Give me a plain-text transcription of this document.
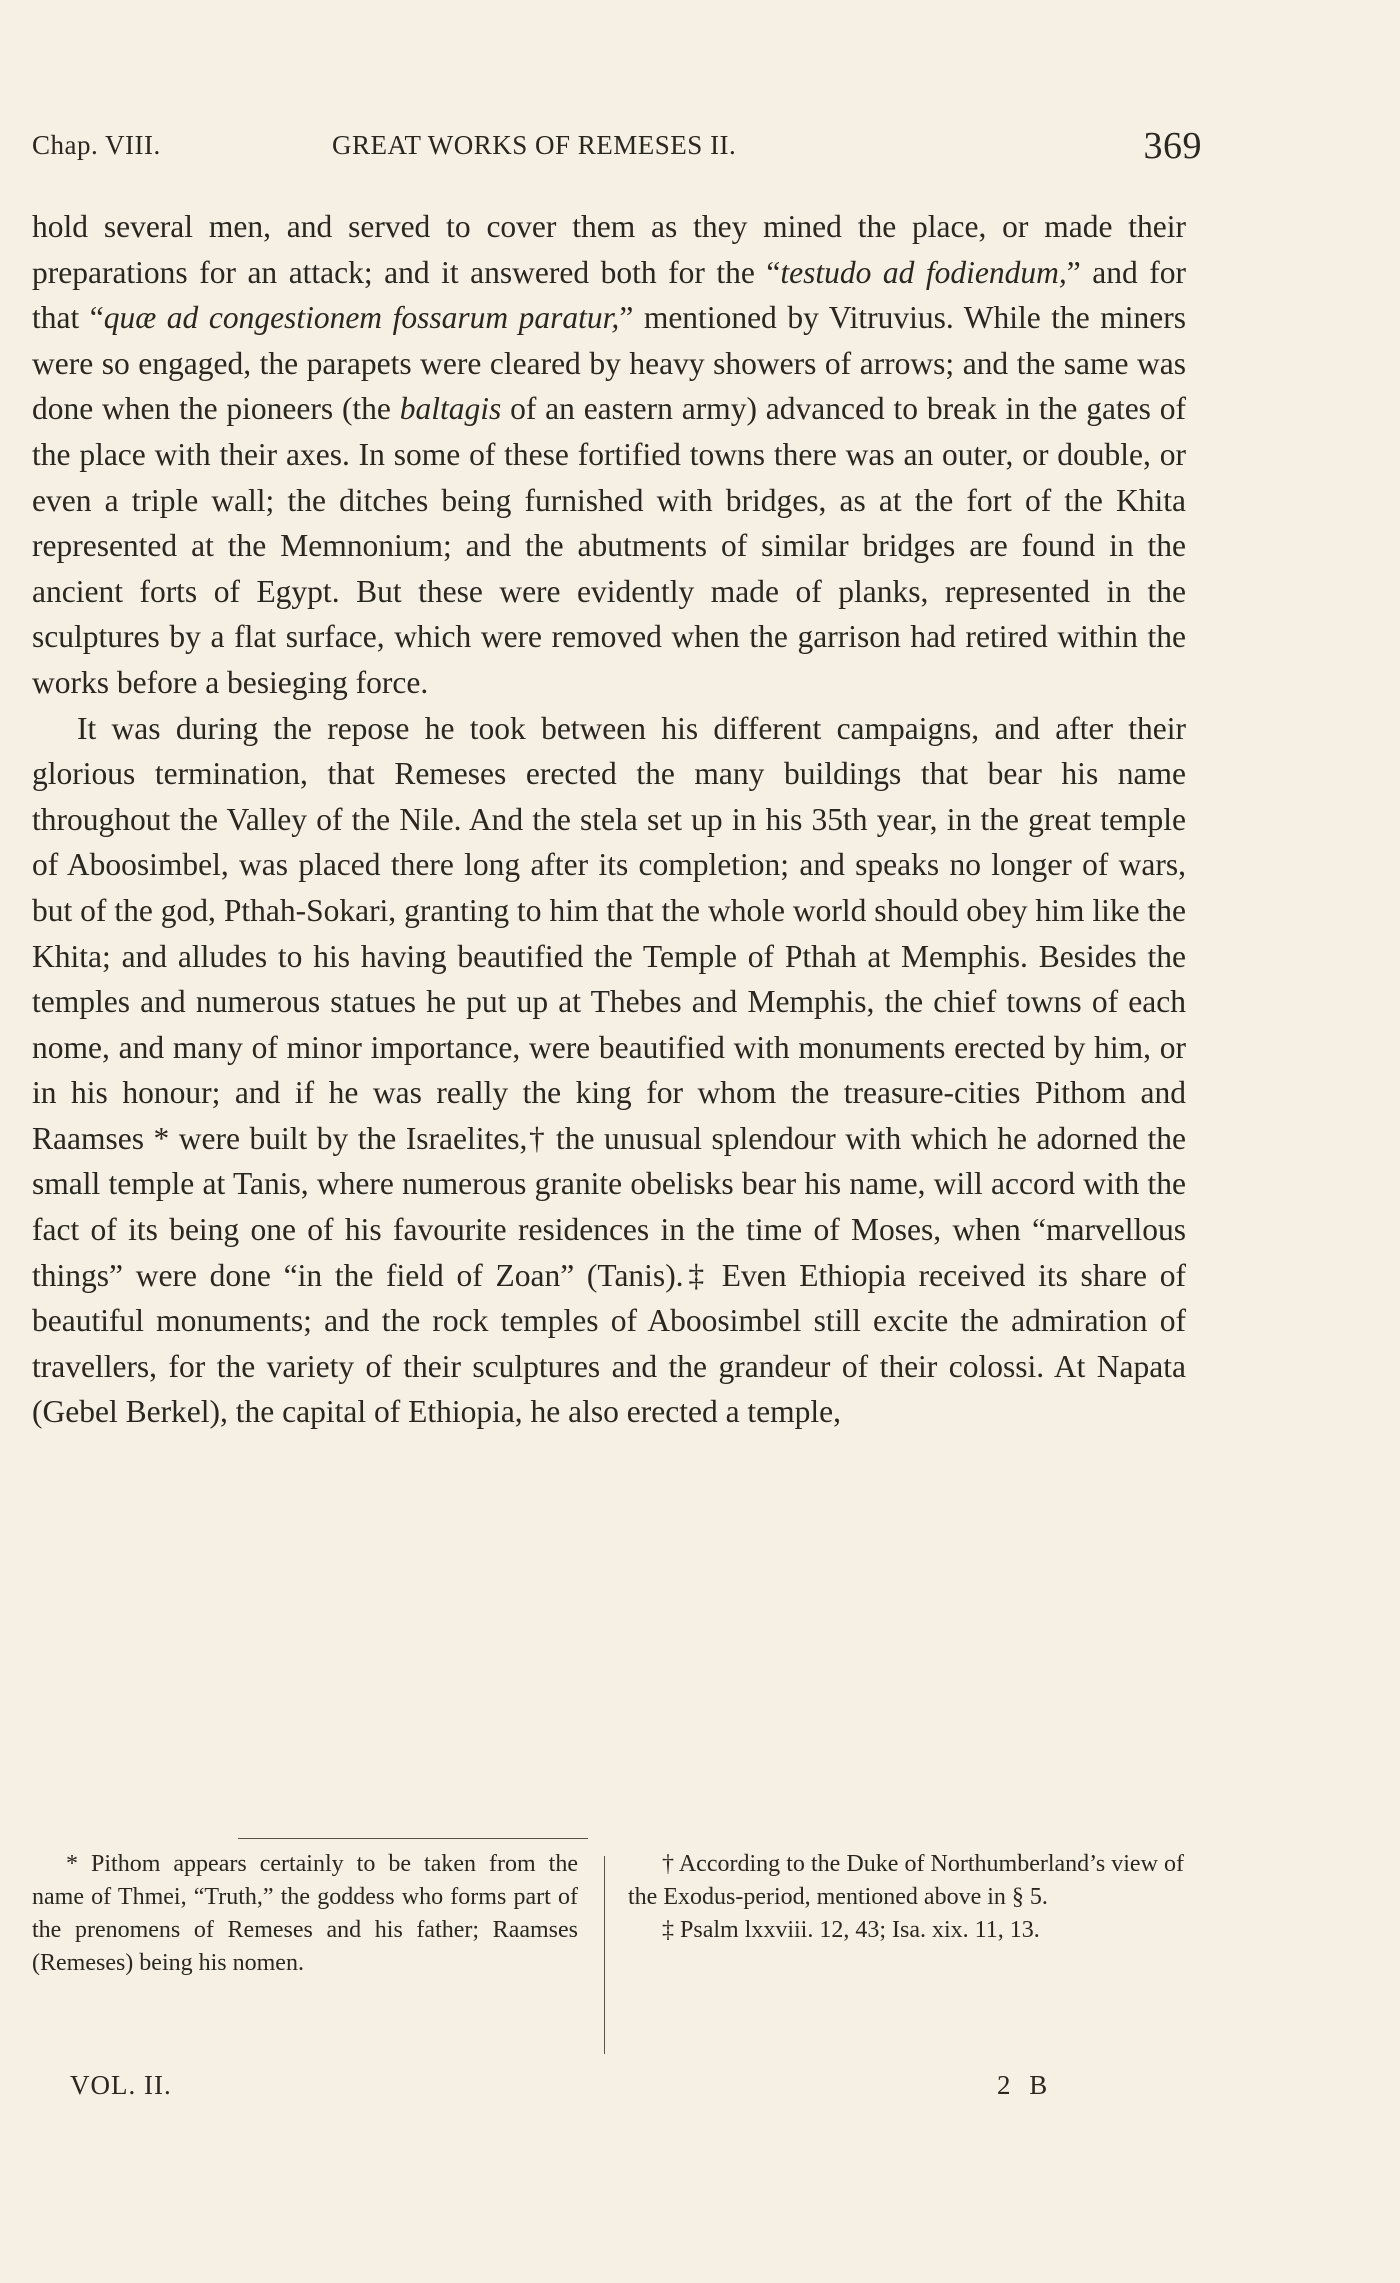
Chap. VIII.	GREAT WORKS OF REMESES II.	369

hold several men, and served to cover them as they mined the place, or made their preparations for an attack; and it answered both for the “testudo ad fodiendum,” and for that “quæ ad congestionem fossarum paratur,” mentioned by Vitruvius. While the miners were so engaged, the parapets were cleared by heavy showers of arrows; and the same was done when the pioneers (the baltagis of an eastern army) advanced to break in the gates of the place with their axes. In some of these fortified towns there was an outer, or double, or even a triple wall; the ditches being furnished with bridges, as at the fort of the Khita represented at the Memnonium; and the abutments of similar bridges are found in the ancient forts of Egypt. But these were evidently made of planks, represented in the sculptures by a flat surface, which were removed when the garrison had retired within the works before a besieging force.

It was during the repose he took between his different campaigns, and after their glorious termination, that Remeses erected the many buildings that bear his name throughout the Valley of the Nile. And the stela set up in his 35th year, in the great temple of Aboosimbel, was placed there long after its completion; and speaks no longer of wars, but of the god, Pthah-Sokari, granting to him that the whole world should obey him like the Khita; and alludes to his having beautified the Temple of Pthah at Memphis. Besides the temples and numerous statues he put up at Thebes and Memphis, the chief towns of each nome, and many of minor importance, were beautified with monuments erected by him, or in his honour; and if he was really the king for whom the treasure-cities Pithom and Raamses * were built by the Israelites,† the unusual splendour with which he adorned the small temple at Tanis, where numerous granite obelisks bear his name, will accord with the fact of its being one of his favourite residences in the time of Moses, when “marvellous things” were done “in the field of Zoan” (Tanis).‡ Even Ethiopia received its share of beautiful monuments; and the rock temples of Aboosimbel still excite the admiration of travellers, for the variety of their sculptures and the grandeur of their colossi. At Napata (Gebel Berkel), the capital of Ethiopia, he also erected a temple,

* Pithom appears certainly to be taken from the name of Thmei, “Truth,” the goddess who forms part of the prenomens of Remeses and his father; Raamses (Remeses) being his nomen.

† According to the Duke of Northumberland’s view of the Exodus-period, mentioned above in § 5.

‡ Psalm lxxviii. 12, 43; Isa. xix. 11, 13.

VOL. II.	2 B
